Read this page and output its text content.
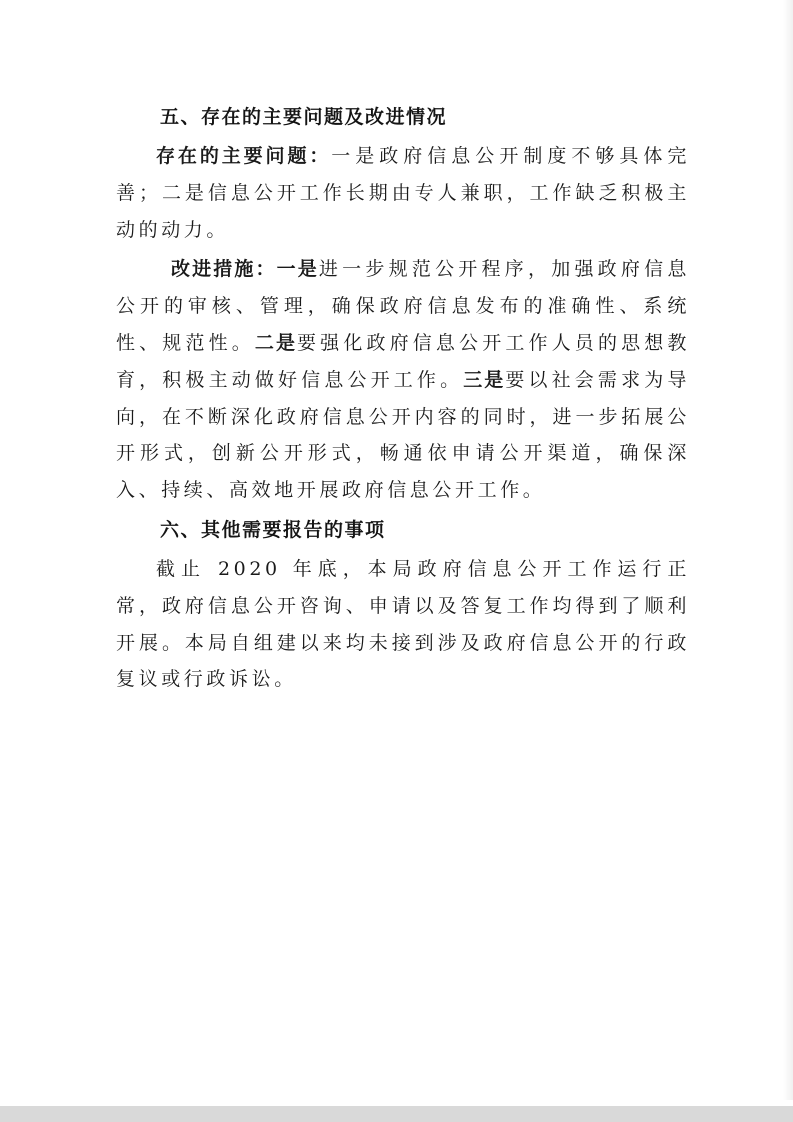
五、存在的主要问题及改进情况

存在的主要问题：一是政府信息公开制度不够具体完善；二是信息公开工作长期由专人兼职，工作缺乏积极主动的动力。

改进措施：一是进一步规范公开程序，加强政府信息公开的审核、管理，确保政府信息发布的准确性、系统性、规范性。二是要强化政府信息公开工作人员的思想教育，积极主动做好信息公开工作。三是要以社会需求为导向，在不断深化政府信息公开内容的同时，进一步拓展公开形式，创新公开形式，畅通依申请公开渠道，确保深入、持续、高效地开展政府信息公开工作。

六、其他需要报告的事项

截止 2020 年底，本局政府信息公开工作运行正常，政府信息公开咨询、申请以及答复工作均得到了顺利开展。本局自组建以来均未接到涉及政府信息公开的行政复议或行政诉讼。
